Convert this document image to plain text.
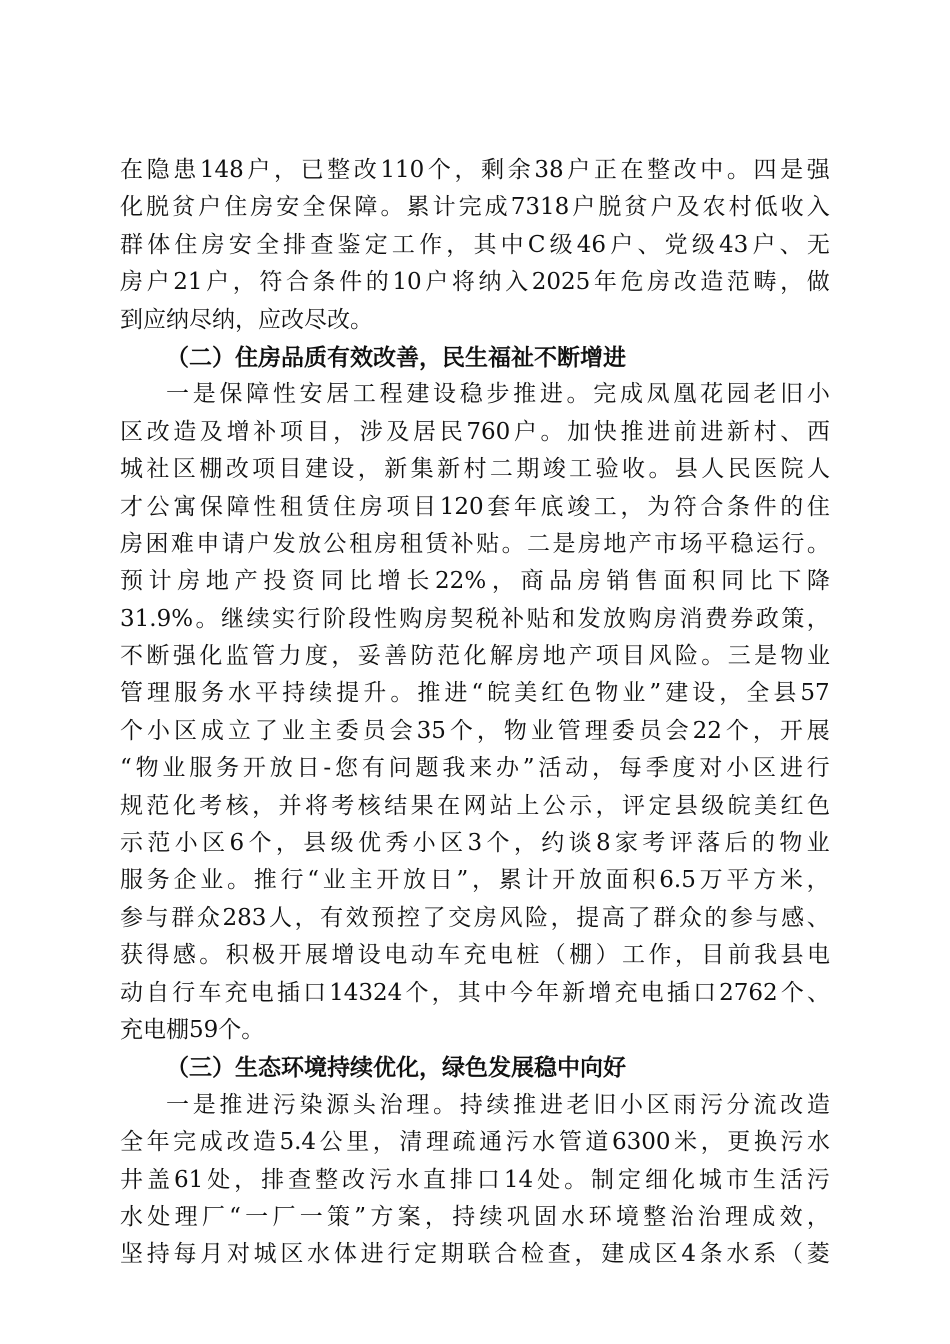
在 隐 患 148 户 ， 已 整 改 110 个 ， 剩 余 38 户 正 在 整 改 中 。 四 是 强
化 脱 贫 户 住 房 安 全 保 障 。 累 计 完 成 7318 户 脱 贫 户 及 农 村 低 收 入
群 体 住 房 安 全 排 查 鉴 定 工 作 ， 其 中 C 级 46 户 、 党 级 43 户 、 无
房 户 21 户 ， 符 合 条 件 的 10 户 将 纳 入 2025 年 危 房 改 造 范 畴 ， 做
到应纳尽纳，应改尽改。
（二）住房品质有效改善，民生福祉不断增进
一 是 保 障 性 安 居 工 程 建 设 稳 步 推 进 。 完 成 凤 凰 花 园 老 旧 小
区 改 造 及 增 补 项 目 ， 涉 及 居 民 760 户 。 加 快 推 进 前 进 新 村 、 西
城 社 区 棚 改 项 目 建 设 ， 新 集 新 村 二 期 竣 工 验 收 。 县 人 民 医 院 人
才 公 寓 保 障 性 租 赁 住 房 项 目 120 套 年 底 竣 工 ， 为 符 合 条 件 的 住
房 困 难 申 请 户 发 放 公 租 房 租 赁 补 贴 。 二 是 房 地 产 市 场 平 稳 运 行 。
预 计 房 地 产 投 资 同 比 增 长 22% ， 商 品 房 销 售 面 积 同 比 下 降
31.9% 。 继 续 实 行 阶 段 性 购 房 契 税 补 贴 和 发 放 购 房 消 费 券 政 策 ，
不 断 强 化 监 管 力 度 ， 妥 善 防 范 化 解 房 地 产 项 目 风 险 。 三 是 物 业
管 理 服 务 水 平 持 续 提 升 。 推 进 “ 皖 美 红 色 物 业 ” 建 设 ， 全 县 57
个 小 区 成 立 了 业 主 委 员 会 35 个 ， 物 业 管 理 委 员 会 22 个 ， 开 展
“ 物 业 服 务 开 放 日 - 您 有 问 题 我 来 办 ” 活 动 ， 每 季 度 对 小 区 进 行
规 范 化 考 核 ， 并 将 考 核 结 果 在 网 站 上 公 示 ， 评 定 县 级 皖 美 红 色
示 范 小 区 6 个 ， 县 级 优 秀 小 区 3 个 ， 约 谈 8 家 考 评 落 后 的 物 业
服 务 企 业 。 推 行 “ 业 主 开 放 日 ” ， 累 计 开 放 面 积 6.5 万 平 方 米 ，
参 与 群 众 283 人 ， 有 效 预 控 了 交 房 风 险 ， 提 高 了 群 众 的 参 与 感 、
获 得 感 。 积 极 开 展 增 设 电 动 车 充 电 桩 （ 棚 ） 工 作 ， 目 前 我 县 电
动 自 行 车 充 电 插 口 14324 个 ， 其 中 今 年 新 增 充 电 插 口 2762 个 、
充电棚59个。
（三）生态环境持续优化，绿色发展稳中向好
一 是 推 进 污 染 源 头 治 理 。 持 续 推 进 老 旧 小 区 雨 污 分 流 改 造
全 年 完 成 改 造 5.4 公 里 ， 清 理 疏 通 污 水 管 道 6300 米 ， 更 换 污 水
井 盖 61 处 ， 排 查 整 改 污 水 直 排 口 14 处 。 制 定 细 化 城 市 生 活 污
水 处 理 厂 “ 一 厂 一 策 ” 方 案 ， 持 续 巩 固 水 环 境 整 治 治 理 成 效 ，
坚 持 每 月 对 城 区 水 体 进 行 定 期 联 合 检 查 ， 建 成 区 4 条 水 系 （ 菱
